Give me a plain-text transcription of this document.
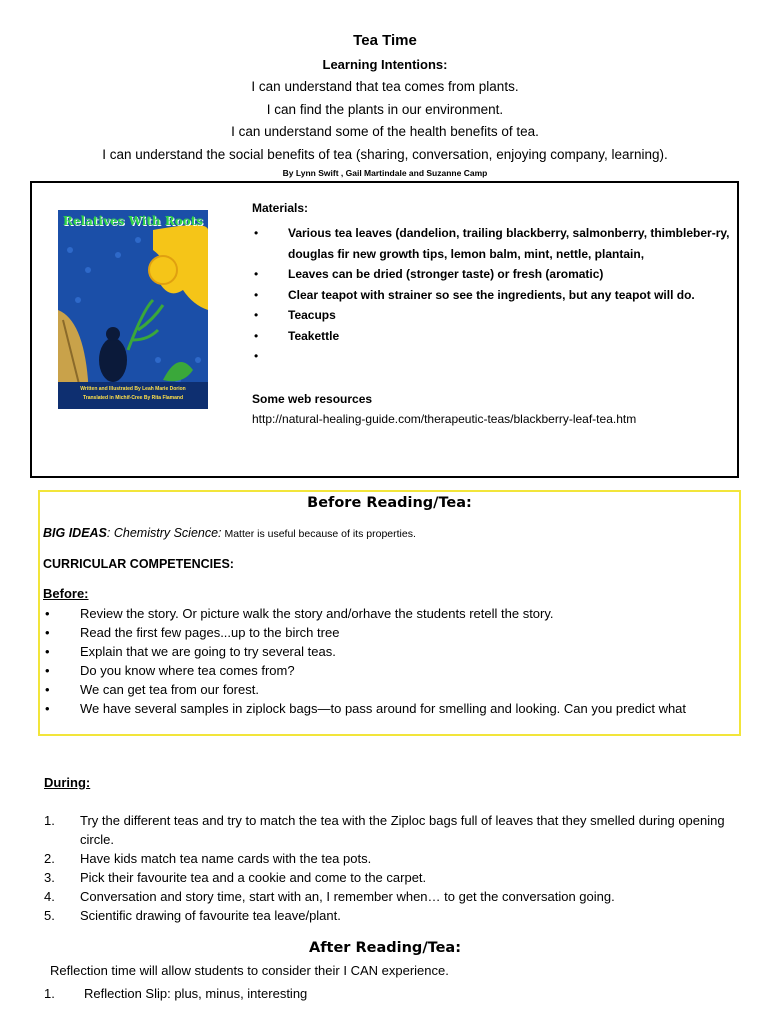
Tea Time
Learning Intentions:
I can understand that tea comes from plants.
I can find the plants in our environment.
I can understand some of the health benefits of tea.
I can understand the social benefits of tea (sharing, conversation, enjoying company, learning).
By Lynn Swift , Gail Martindale and Suzanne Camp
Relatives With Roots
Written and Illustrated By Leah Marie Dorion
Translated in Michif-Cree By Rita Flamand
Materials:
• Various tea leaves (dandelion, trailing blackberry, salmonberry, thimbleber-ry, douglas fir new growth tips, lemon balm, mint, nettle, plantain,
• Leaves can be dried (stronger taste) or fresh (aromatic)
• Clear teapot with strainer so see the ingredients, but any teapot will do.
• Teacups
• Teakettle
•
Some web resources
http://natural-healing-guide.com/therapeutic-teas/blackberry-leaf-tea.htm
Before Reading/Tea:
BIG IDEAS: Chemistry Science: Matter is useful because of its properties.
CURRICULAR COMPETENCIES:
Before:
• Review the story. Or picture walk the story and/orhave the students retell the story.
• Read the first few pages...up to the birch tree
• Explain that we are going to try several teas.
• Do you know where tea comes from?
• We can get tea from our forest.
• We have several samples in ziplock bags—to pass around for smelling and looking. Can you predict what
During:
1. Try the different teas and try to match the tea with the Ziploc bags full of leaves that they smelled during opening circle.
2. Have kids match tea name cards with the tea pots.
3. Pick their favourite tea and a cookie and come to the carpet.
4. Conversation and story time, start with an, I remember when… to get the conversation going.
5. Scientific drawing of favourite tea leave/plant.
After Reading/Tea:
Reflection time will allow students to consider their I CAN experience.
1. Reflection Slip: plus, minus, interesting
